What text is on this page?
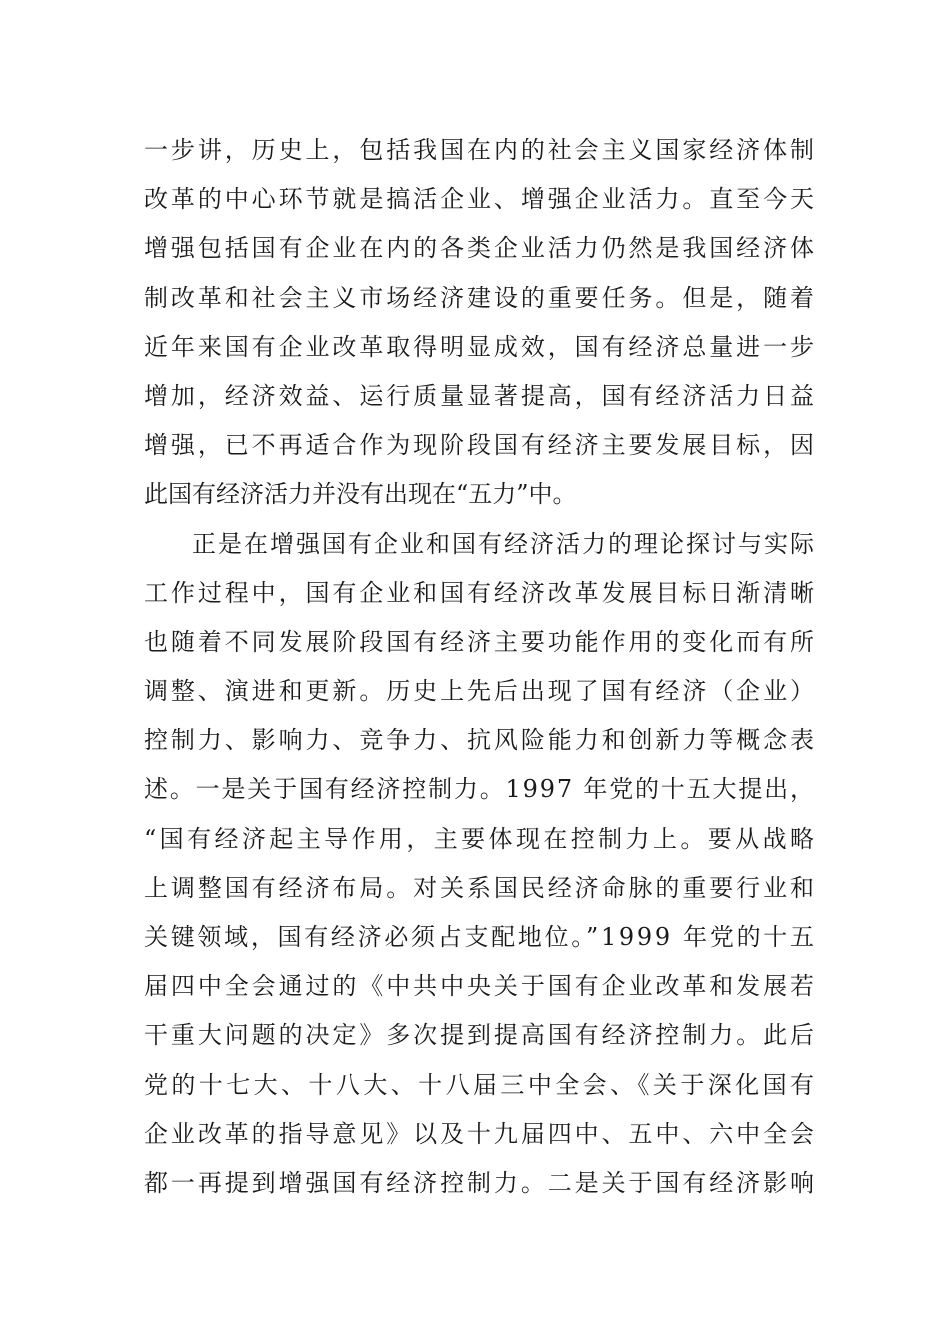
一步讲，历史上，包括我国在内的社会主义国家经济体制
改革的中心环节就是搞活企业、增强企业活力。直至今天
增强包括国有企业在内的各类企业活力仍然是我国经济体
制改革和社会主义市场经济建设的重要任务。但是，随着
近年来国有企业改革取得明显成效，国有经济总量进一步
增加，经济效益、运行质量显著提高，国有经济活力日益
增强，已不再适合作为现阶段国有经济主要发展目标，因
此国有经济活力并没有出现在“五力”中。
正是在增强国有企业和国有经济活力的理论探讨与实际
工作过程中，国有企业和国有经济改革发展目标日渐清晰
也随着不同发展阶段国有经济主要功能作用的变化而有所
调整、演进和更新。历史上先后出现了国有经济（企业）
控制力、影响力、竞争力、抗风险能力和创新力等概念表
述。一是关于国有经济控制力。1997 年党的十五大提出，
“国有经济起主导作用，主要体现在控制力上。要从战略
上调整国有经济布局。对关系国民经济命脉的重要行业和
关键领域，国有经济必须占支配地位。”1999 年党的十五
届四中全会通过的《中共中央关于国有企业改革和发展若
干重大问题的决定》多次提到提高国有经济控制力。此后
党的十七大、十八大、十八届三中全会、《关于深化国有
企业改革的指导意见》以及十九届四中、五中、六中全会
都一再提到增强国有经济控制力。二是关于国有经济影响
